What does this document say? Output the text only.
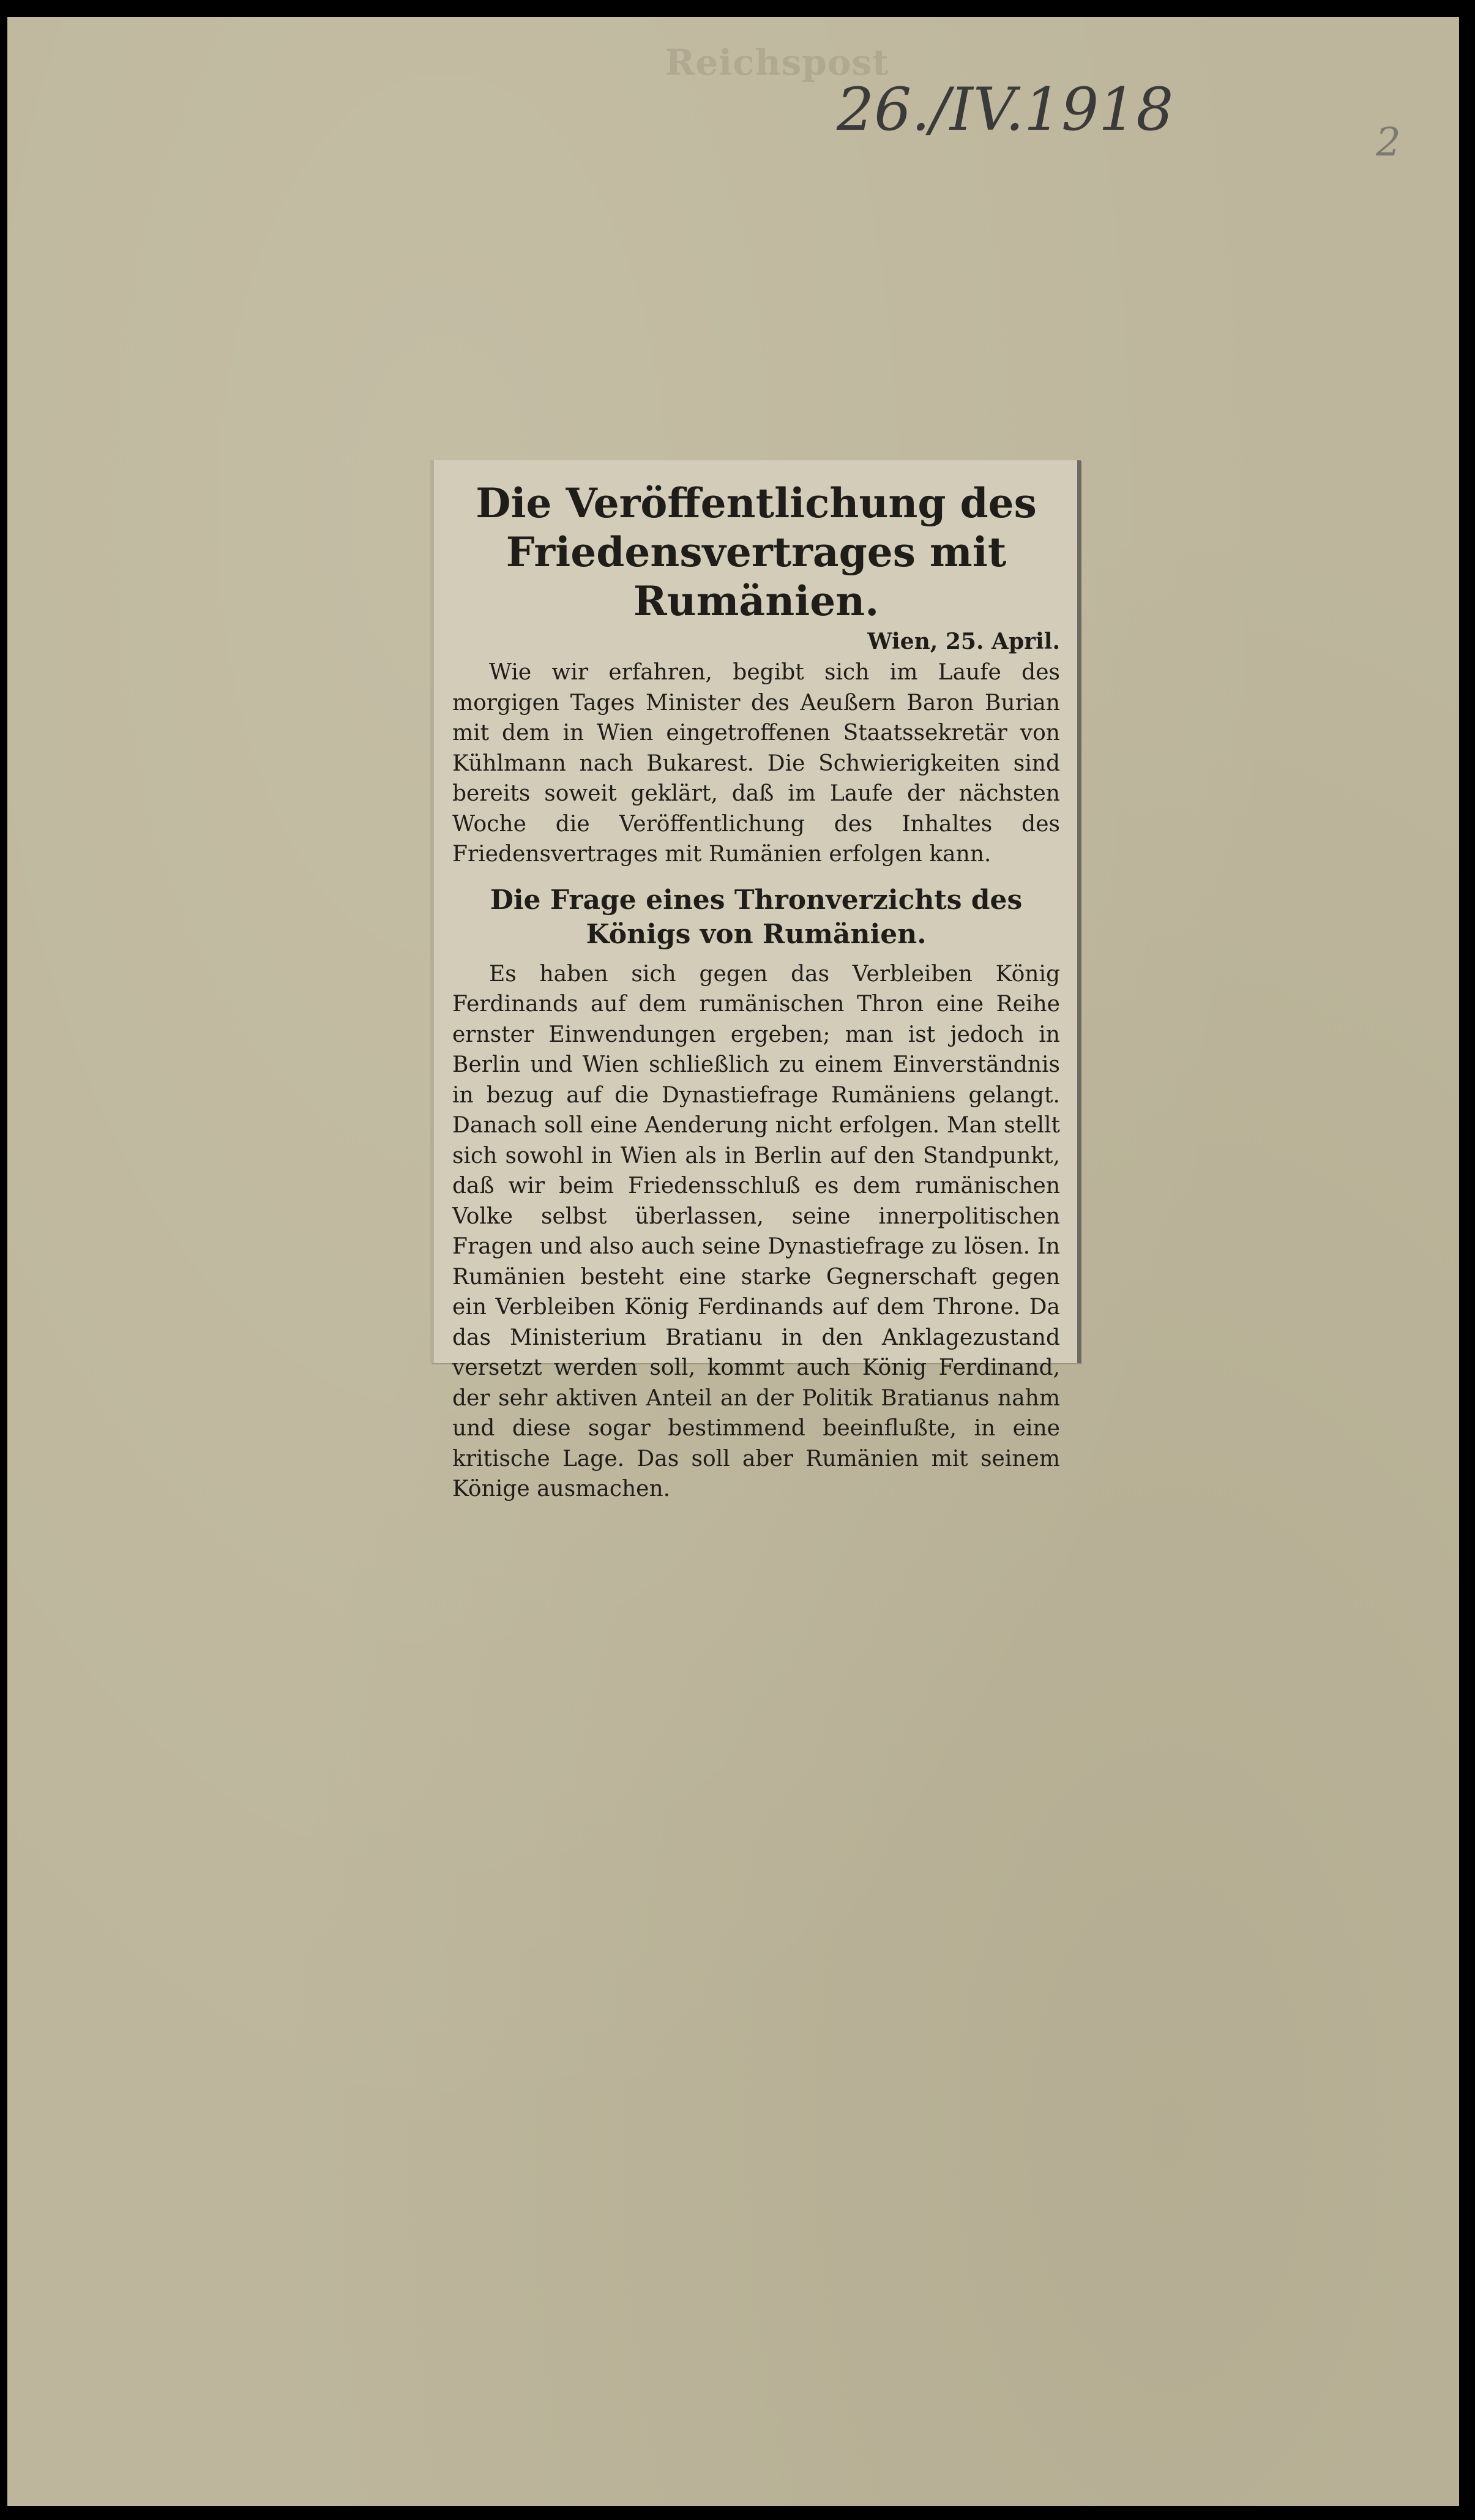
Reichspost
26./IV.1918	2
Die Veröffentlichung des Friedensvertrages mit Rumänien.

Wien, 25. April.

Wie wir erfahren, begibt sich im Laufe des morgigen Tages Minister des Aeußern Baron Burian mit dem in Wien eingetroffenen Staatssekretär von Kühlmann nach Bukarest. Die Schwierigkeiten sind bereits soweit geklärt, daß im Laufe der nächsten Woche die Veröffentlichung des Inhaltes des Friedensvertrages mit Rumänien erfolgen kann.

Die Frage eines Thronverzichts des Königs von Rumänien.

Es haben sich gegen das Verbleiben König Ferdinands auf dem rumänischen Thron eine Reihe ernster Einwendungen ergeben; man ist jedoch in Berlin und Wien schließlich zu einem Einverständnis in bezug auf die Dynastiefrage Rumäniens gelangt. Danach soll eine Aenderung nicht erfolgen. Man stellt sich sowohl in Wien als in Berlin auf den Standpunkt, daß wir beim Friedensschluß es dem rumänischen Volke selbst überlassen, seine innerpolitischen Fragen und also auch seine Dynastiefrage zu lösen. In Rumänien besteht eine starke Gegnerschaft gegen ein Verbleiben König Ferdinands auf dem Throne. Da das Ministerium Bratianu in den Anklagezustand versetzt werden soll, kommt auch König Ferdinand, der sehr aktiven Anteil an der Politik Bratianus nahm und diese sogar bestimmend beeinflußte, in eine kritische Lage. Das soll aber Rumänien mit seinem Könige ausmachen.
